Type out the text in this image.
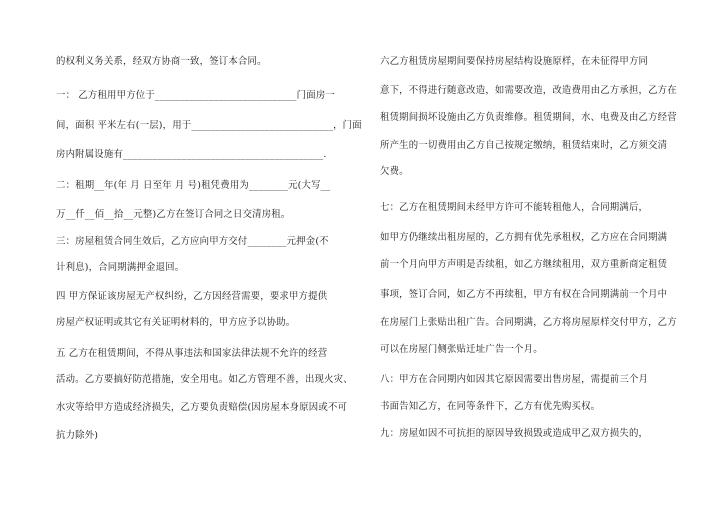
的权利义务关系，经双方协商一致，签订本合同。
一： 乙方租用甲方位于_____________________________门面房一
间，面积 平米左右(一层)，用于_____________________________，门面
房内附属设施有_________________________________________.
二：租期__年(年 月 日至年 月 号)租凭费用为________元(大写__
万__仟__佰__拾__元整)乙方在签订合同之日交清房租。
三：房屋租赁合同生效后，乙方应向甲方交付________元押金(不
计利息)，合同期满押金退回。
四 甲方保证该房屋无产权纠纷，乙方因经营需要，要求甲方提供
房屋产权证明或其它有关证明材料的，甲方应予以协助。
五 乙方在租赁期间，不得从事违法和国家法律法规不允许的经营
活动。乙方要搞好防范措施，安全用电。如乙方管理不善，出现火灾、
水灾等给甲方造成经济损失，乙方要负责赔偿(因房屋本身原因或不可
抗力除外)
六乙方租赁房屋期间要保持房屋结构设施原样，在未征得甲方同
意下，不得进行随意改造，如需要改造，改造费用由乙方承担，乙方在
租赁期间损坏设施由乙方负责维修。租赁期间，水、电费及由乙方经营
所产生的一切费用由乙方自己按规定缴纳，租赁结束时，乙方须交清
欠费。
七：乙方在租赁期间未经甲方许可不能转租他人，合同期满后，
如甲方仍继续出租房屋的，乙方拥有优先承租权，乙方应在合同期满
前一个月向甲方声明是否续租，如乙方继续租用，双方重新商定租赁
事项，签订合同，如乙方不再续租，甲方有权在合同期满前一个月中
在房屋门上张贴出租广告。合同期满，乙方将房屋原样交付甲方，乙方
可以在房屋门侧张贴迁址广告一个月。
八：甲方在合同期内如因其它原因需要出售房屋，需提前三个月
书面告知乙方，在同等条件下，乙方有优先购买权。
九：房屋如因不可抗拒的原因导致损毁或造成甲乙双方损失的，
